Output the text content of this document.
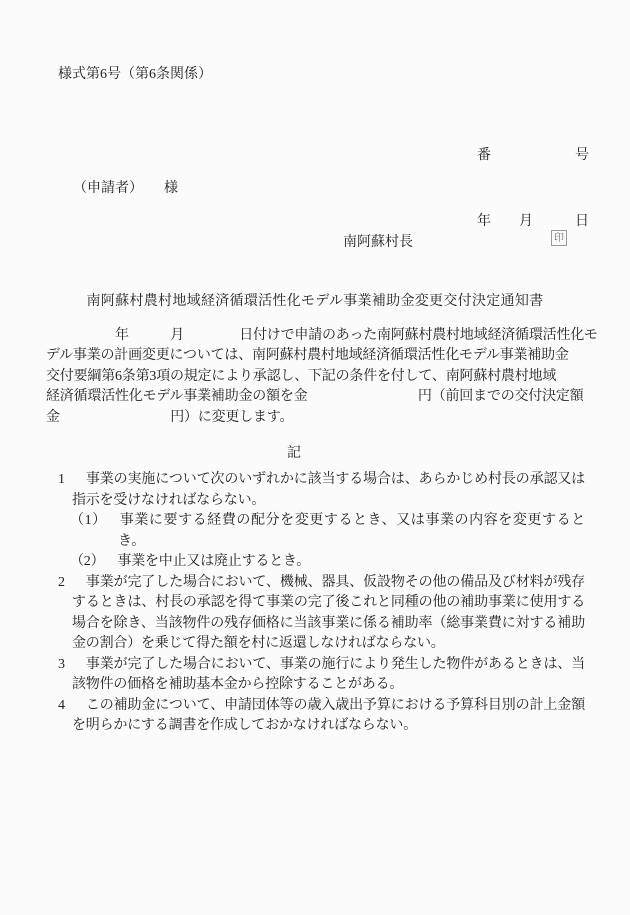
様式第6号（第6条関係）

番　　　　　　号

年　　月　　　日

（申請者）　　様
南阿蘇村長	印
南阿蘇村農村地域経済循環活性化モデル事業補助金変更交付決定通知書
　　　　　年　　　月　　　　日付けで申請のあった南阿蘇村農村地域経済循環活性化モ
デル事業の計画変更については、南阿蘇村農村地域経済循環活性化モデル事業補助金
交付要綱第6条第3項の規定により承認し、下記の条件を付して、南阿蘇村農村地域
経済循環活性化モデル事業補助金の額を金　　　　　　　　円（前回までの交付決定額
金　　　　　　　　円）に変更します。
記
1 事業の実施について次のいずれかに該当する場合は、あらかじめ村長の承認又は指示を受けなければならない。
（1） 事業に要する経費の配分を変更するとき、又は事業の内容を変更するとき。
（2） 事業を中止又は廃止するとき。
2 事業が完了した場合において、機械、器具、仮設物その他の備品及び材料が残存するときは、村長の承認を得て事業の完了後これと同種の他の補助事業に使用する場合を除き、当該物件の残存価格に当該事業に係る補助率（総事業費に対する補助金の割合）を乗じて得た額を村に返還しなければならない。
3 事業が完了した場合において、事業の施行により発生した物件があるときは、当該物件の価格を補助基本金から控除することがある。
4 この補助金について、申請団体等の歳入歳出予算における予算科目別の計上金額を明らかにする調書を作成しておかなければならない。
